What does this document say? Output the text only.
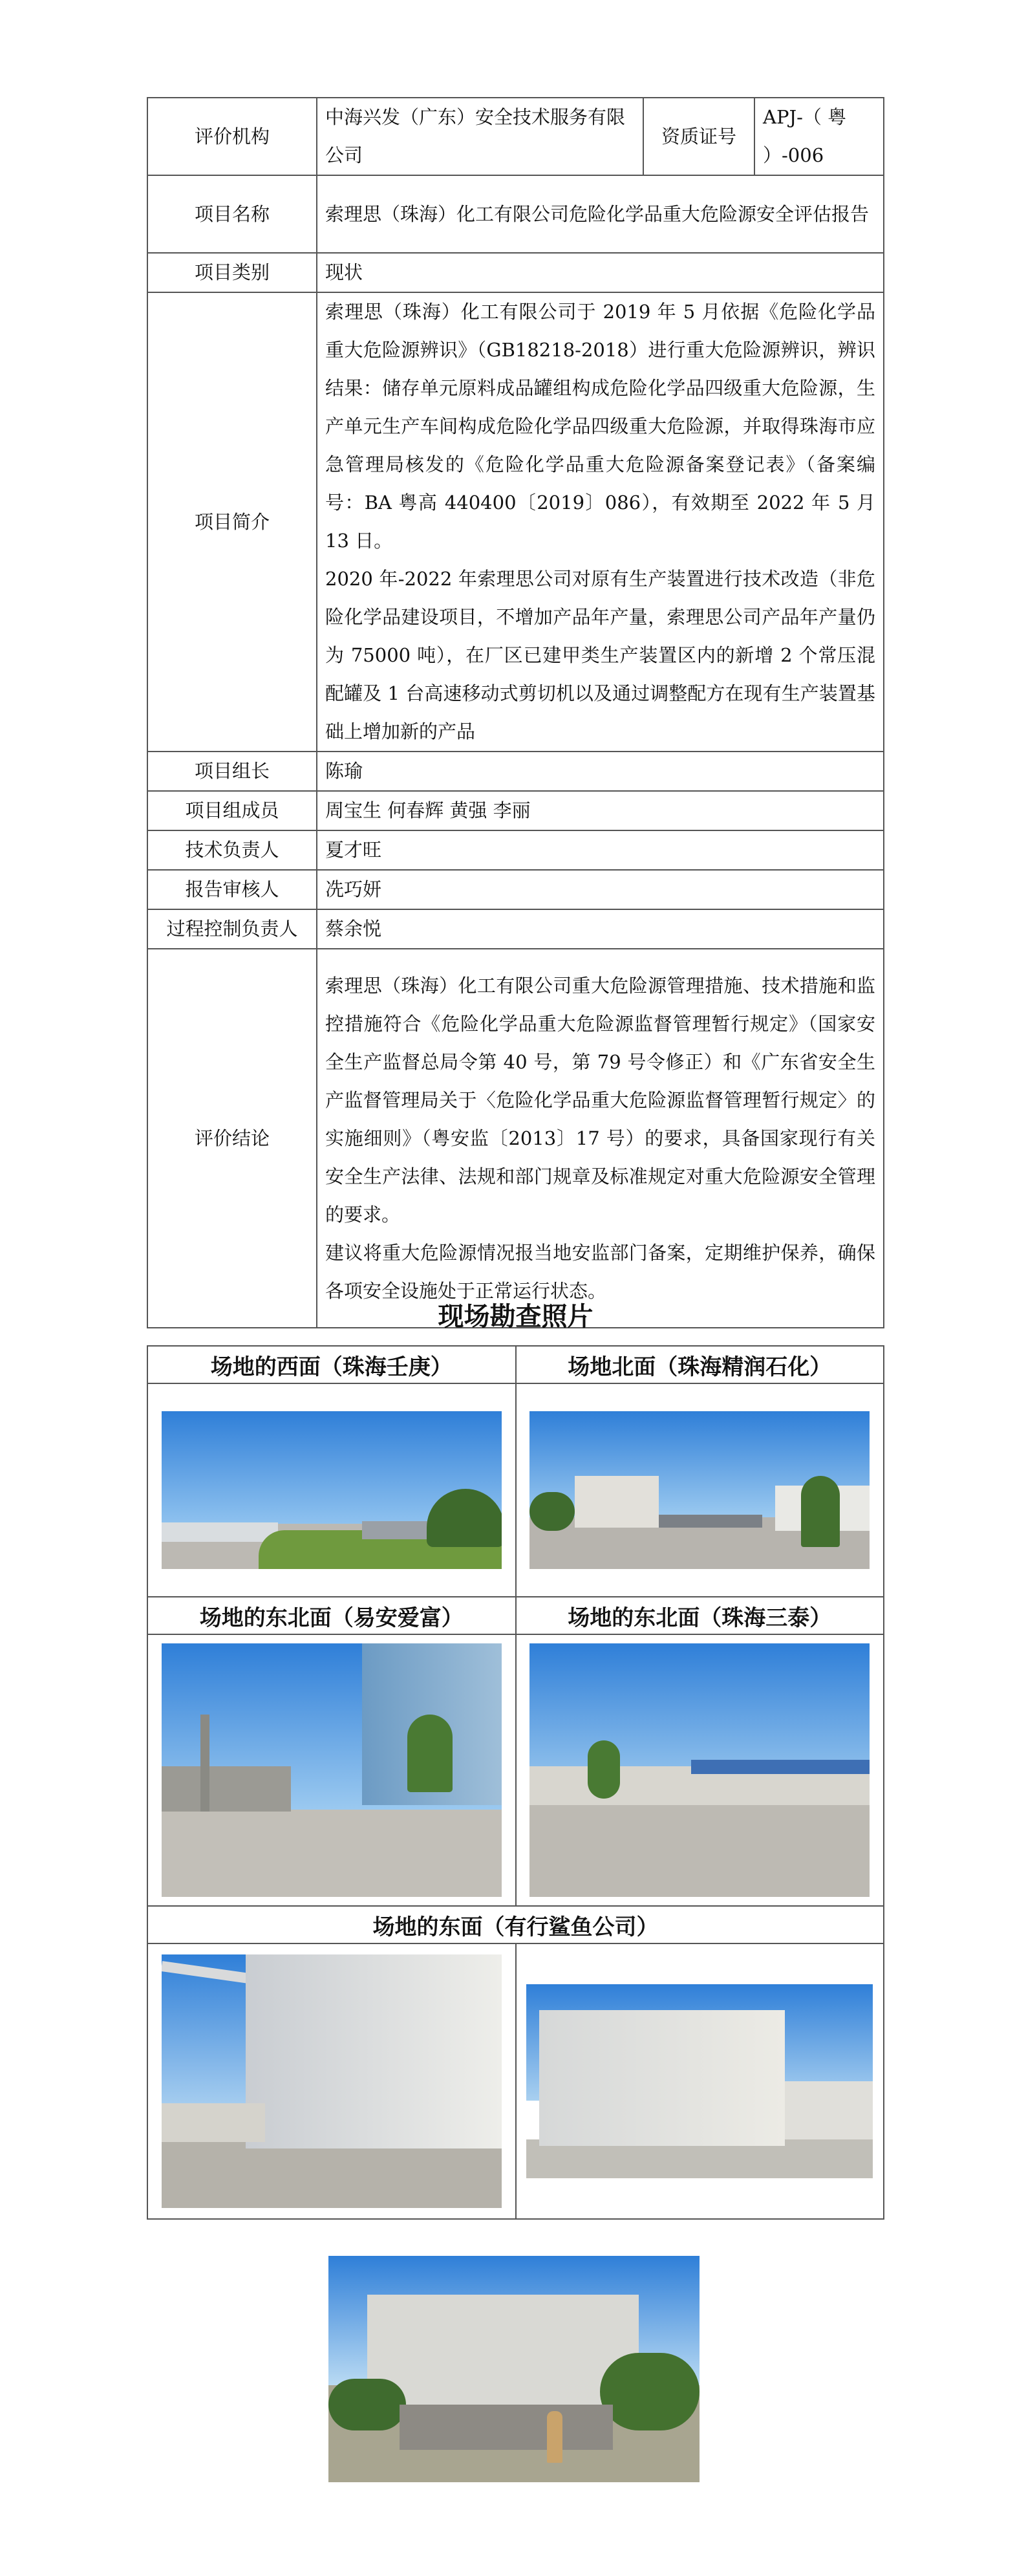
评价机构	中海兴发（广东）安全技术服务有限公司	资质证号	APJ-（ 粤 ）-006
项目名称	索理思（珠海）化工有限公司危险化学品重大危险源安全评估报告		
项目类别	现状		
项目简介	索理思（珠海）化工有限公司于 2019 年 5 月依据《危险化学品重大危险源辨识》（GB18218-2018）进行重大危险源辨识，辨识结果：储存单元原料成品罐组构成危险化学品四级重大危险源，生产单元生产车间构成危险化学品四级重大危险源，并取得珠海市应急管理局核发的《危险化学品重大危险源备案登记表》（备案编号：BA 粤高 440400〔2019〕086），有效期至 2022 年 5 月 13 日。

2020 年-2022 年索理思公司对原有生产装置进行技术改造（非危险化学品建设项目，不增加产品年产量，索理思公司产品年产量仍为 75000 吨），在厂区已建甲类生产装置区内的新增 2 个常压混配罐及 1 台高速移动式剪切机以及通过调整配方在现有生产装置基础上增加新的产品		

项目组长	陈瑜		
项目组成员	周宝生 何春辉 黄强 李丽		
技术负责人	夏才旺		
报告审核人	冼巧妍		
过程控制负责人	蔡余悦		
评价结论	索理思（珠海）化工有限公司重大危险源管理措施、技术措施和监控措施符合《危险化学品重大危险源监督管理暂行规定》（国家安全生产监督总局令第 40 号，第 79 号令修正）和《广东省安全生产监督管理局关于〈危险化学品重大危险源监督管理暂行规定〉的实施细则》（粤安监〔2013〕17 号）的要求，具备国家现行有关安全生产法律、法规和部门规章及标准规定对重大危险源安全管理的要求。

建议将重大危险源情况报当地安监部门备案，定期维护保养，确保各项安全设施处于正常运行状态。		

现场勘查照片
场地的西面（珠海壬庚）	场地北面（珠海精润石化）

场地的东北面（易安爱富）	场地的东北面（珠海三泰）

场地的东面（有行鲨鱼公司）	
